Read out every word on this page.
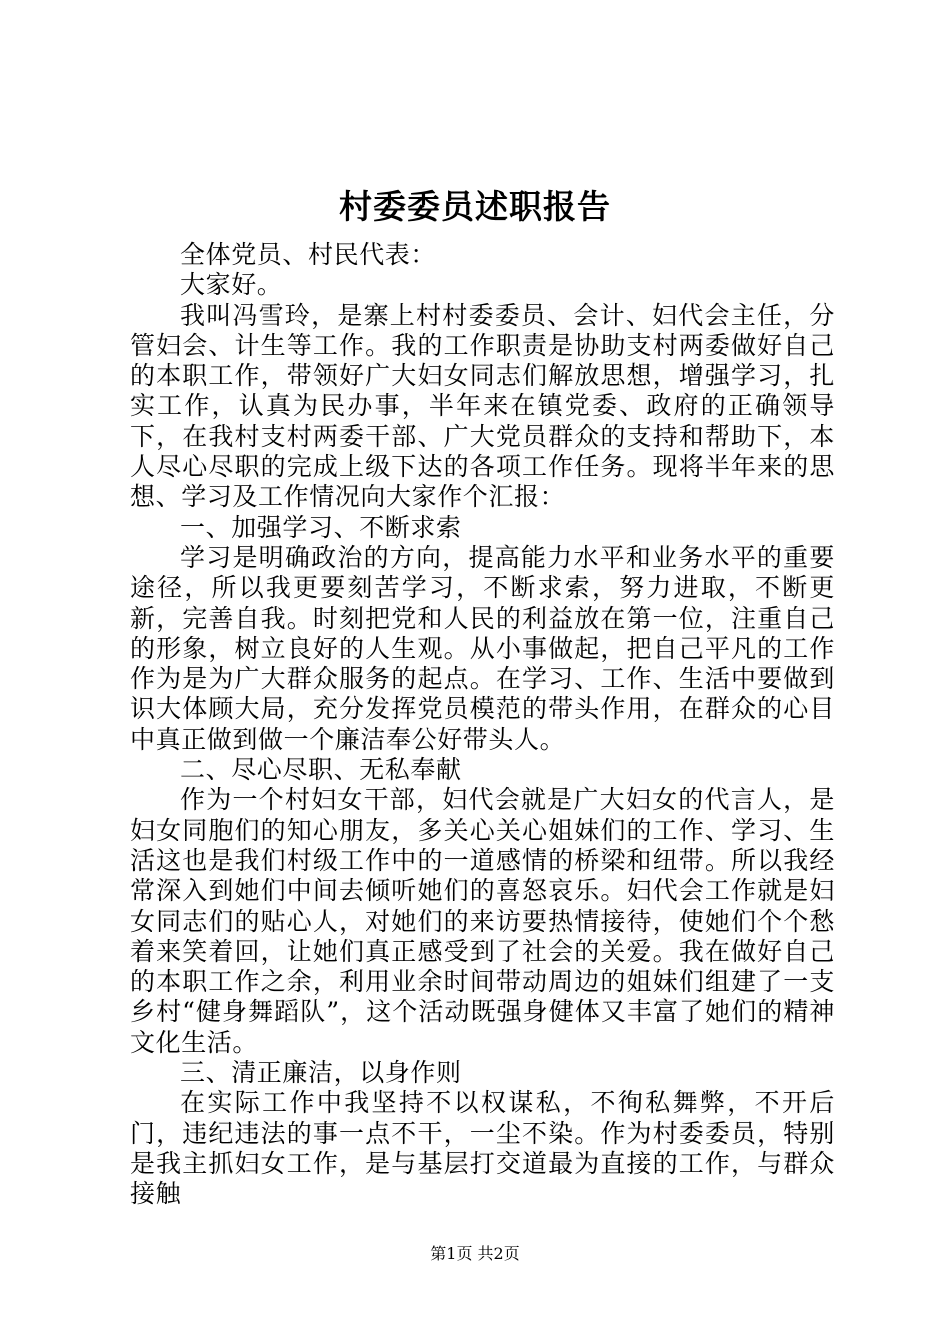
村委委员述职报告

全体党员、村民代表：

大家好。

我叫冯雪玲，是寨上村村委委员、会计、妇代会主任，分管妇会、计生等工作。我的工作职责是协助支村两委做好自己的本职工作，带领好广大妇女同志们解放思想，增强学习，扎实工作，认真为民办事，半年来在镇党委、政府的正确领导下，在我村支村两委干部、广大党员群众的支持和帮助下，本人尽心尽职的完成上级下达的各项工作任务。现将半年来的思想、学习及工作情况向大家作个汇报：

一、加强学习、不断求索

学习是明确政治的方向，提高能力水平和业务水平的重要途径，所以我更要刻苦学习，不断求索，努力进取，不断更新，完善自我。时刻把党和人民的利益放在第一位，注重自己的形象，树立良好的人生观。从小事做起，把自己平凡的工作作为是为广大群众服务的起点。在学习、工作、生活中要做到识大体顾大局，充分发挥党员模范的带头作用，在群众的心目中真正做到做一个廉洁奉公好带头人。

二、尽心尽职、无私奉献

作为一个村妇女干部，妇代会就是广大妇女的代言人，是妇女同胞们的知心朋友，多关心关心姐妹们的工作、学习、生活这也是我们村级工作中的一道感情的桥梁和纽带。所以我经常深入到她们中间去倾听她们的喜怒哀乐。妇代会工作就是妇女同志们的贴心人，对她们的来访要热情接待，使她们个个愁着来笑着回，让她们真正感受到了社会的关爱。我在做好自己的本职工作之余，利用业余时间带动周边的姐妹们组建了一支乡村“健身舞蹈队”，这个活动既强身健体又丰富了她们的精神文化生活。

三、清正廉洁，以身作则

在实际工作中我坚持不以权谋私，不徇私舞弊，不开后门，违纪违法的事一点不干，一尘不染。作为村委委员，特别是我主抓妇女工作，是与基层打交道最为直接的工作，与群众接触

第1页 共2页
